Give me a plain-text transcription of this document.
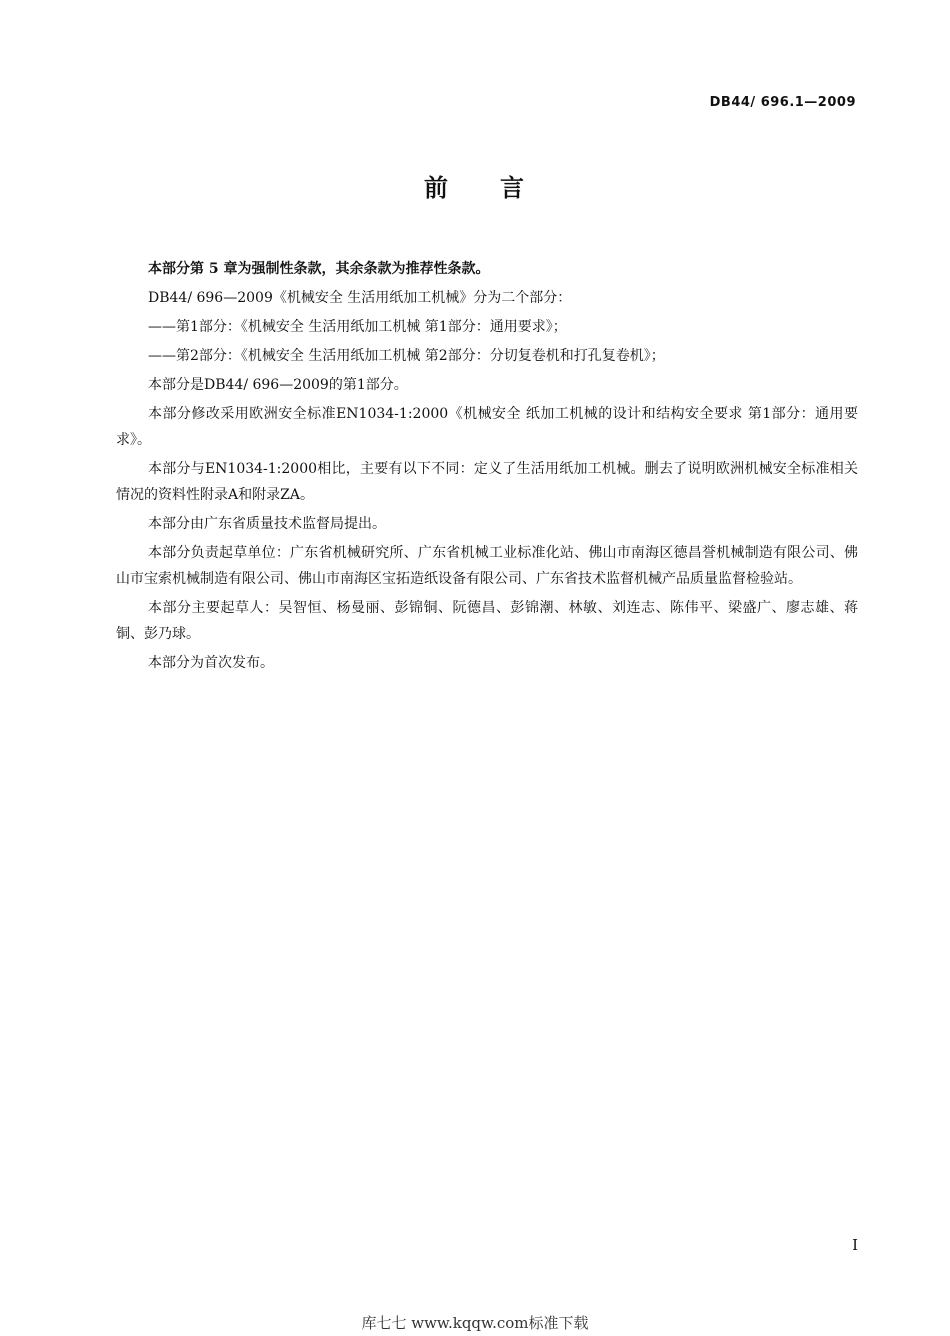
DB44/ 696.1—2009
前 言

本部分第 5 章为强制性条款，其余条款为推荐性条款。

DB44/ 696—2009《机械安全 生活用纸加工机械》分为二个部分：

——第1部分：《机械安全 生活用纸加工机械 第1部分：通用要求》；

——第2部分：《机械安全 生活用纸加工机械 第2部分：分切复卷机和打孔复卷机》；

本部分是DB44/ 696—2009的第1部分。

本部分修改采用欧洲安全标准EN1034-1:2000《机械安全 纸加工机械的设计和结构安全要求 第1部分：通用要求》。

本部分与EN1034-1:2000相比，主要有以下不同：定义了生活用纸加工机械。删去了说明欧洲机械安全标准相关情况的资料性附录A和附录ZA。

本部分由广东省质量技术监督局提出。

本部分负责起草单位：广东省机械研究所、广东省机械工业标准化站、佛山市南海区德昌誉机械制造有限公司、佛山市宝索机械制造有限公司、佛山市南海区宝拓造纸设备有限公司、广东省技术监督机械产品质量监督检验站。

本部分主要起草人：吴智恒、杨曼丽、彭锦铜、阮德昌、彭锦潮、林敏、刘连志、陈伟平、梁盛广、廖志雄、蒋铜、彭乃球。

本部分为首次发布。

I
库七七 www.kqqw.com标准下载
